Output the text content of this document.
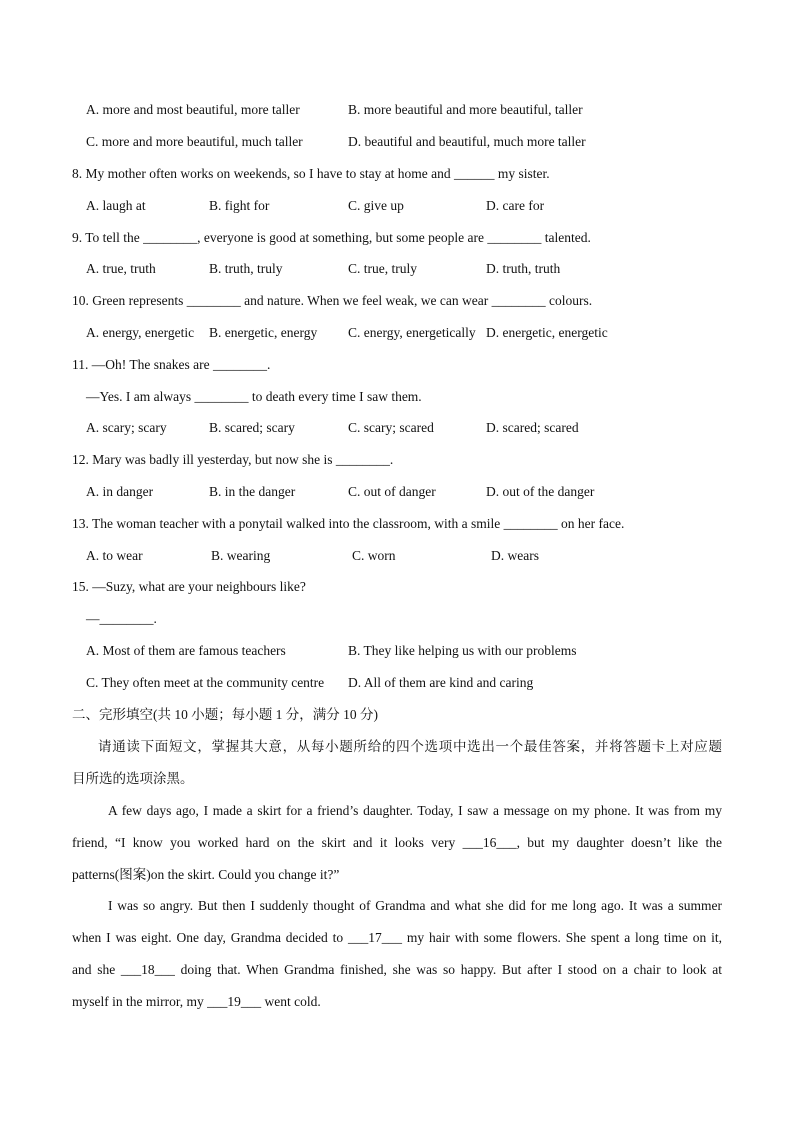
A. more and most beautiful, more taller	B. more beautiful and more beautiful, taller
C. more and more beautiful, much taller	D. beautiful and beautiful, much more taller
8. My mother often works on weekends, so I have to stay at home and ______ my sister.
A. laugh at	B. fight for	C. give up	D. care for
9. To tell the ________, everyone is good at something, but some people are ________ talented.
A. true, truth	B. truth, truly	C. true, truly	D. truth, truth
10. Green represents ________ and nature. When we feel weak, we can wear ________ colours.
A. energy, energetic B. energetic, energy C. energy, energetically D. energetic, energetic
11. —Oh! The snakes are ________.
—Yes. I am always ________ to death every time I saw them.
A. scary; scary	B. scared; scary	C. scary; scared	D. scared; scared
12. Mary was badly ill yesterday, but now she is ________.
A. in danger	B. in the danger	C. out of danger	D. out of the danger
13. The woman teacher with a ponytail walked into the classroom, with a smile ________ on her face.
A. to wear	B. wearing	C. worn	D. wears
15. —Suzy, what are your neighbours like?
—________.
A. Most of them are famous teachers	B. They like helping us with our problems
C. They often meet at the community centre D. All of them are kind and caring
二、完形填空(共 10 小题；每小题 1 分，满分 10 分)
请通读下面短文，掌握其大意，从每小题所给的四个选项中选出一个最佳答案，并将答题卡上对应题
目所选的选项涂黑。
A few days ago, I made a skirt for a friend’s daughter. Today, I saw a message on my phone. It was from my
friend, “I know you worked hard on the skirt and it looks very ___16___, but my daughter doesn’t like the
patterns(图案)on the skirt. Could you change it?”
I was so angry. But then I suddenly thought of Grandma and what she did for me long ago. It was a summer
when I was eight. One day, Grandma decided to ___17___ my hair with some flowers. She spent a long time on it,
and she ___18___ doing that. When Grandma finished, she was so happy. But after I stood on a chair to look at
myself in the mirror, my ___19___ went cold.
